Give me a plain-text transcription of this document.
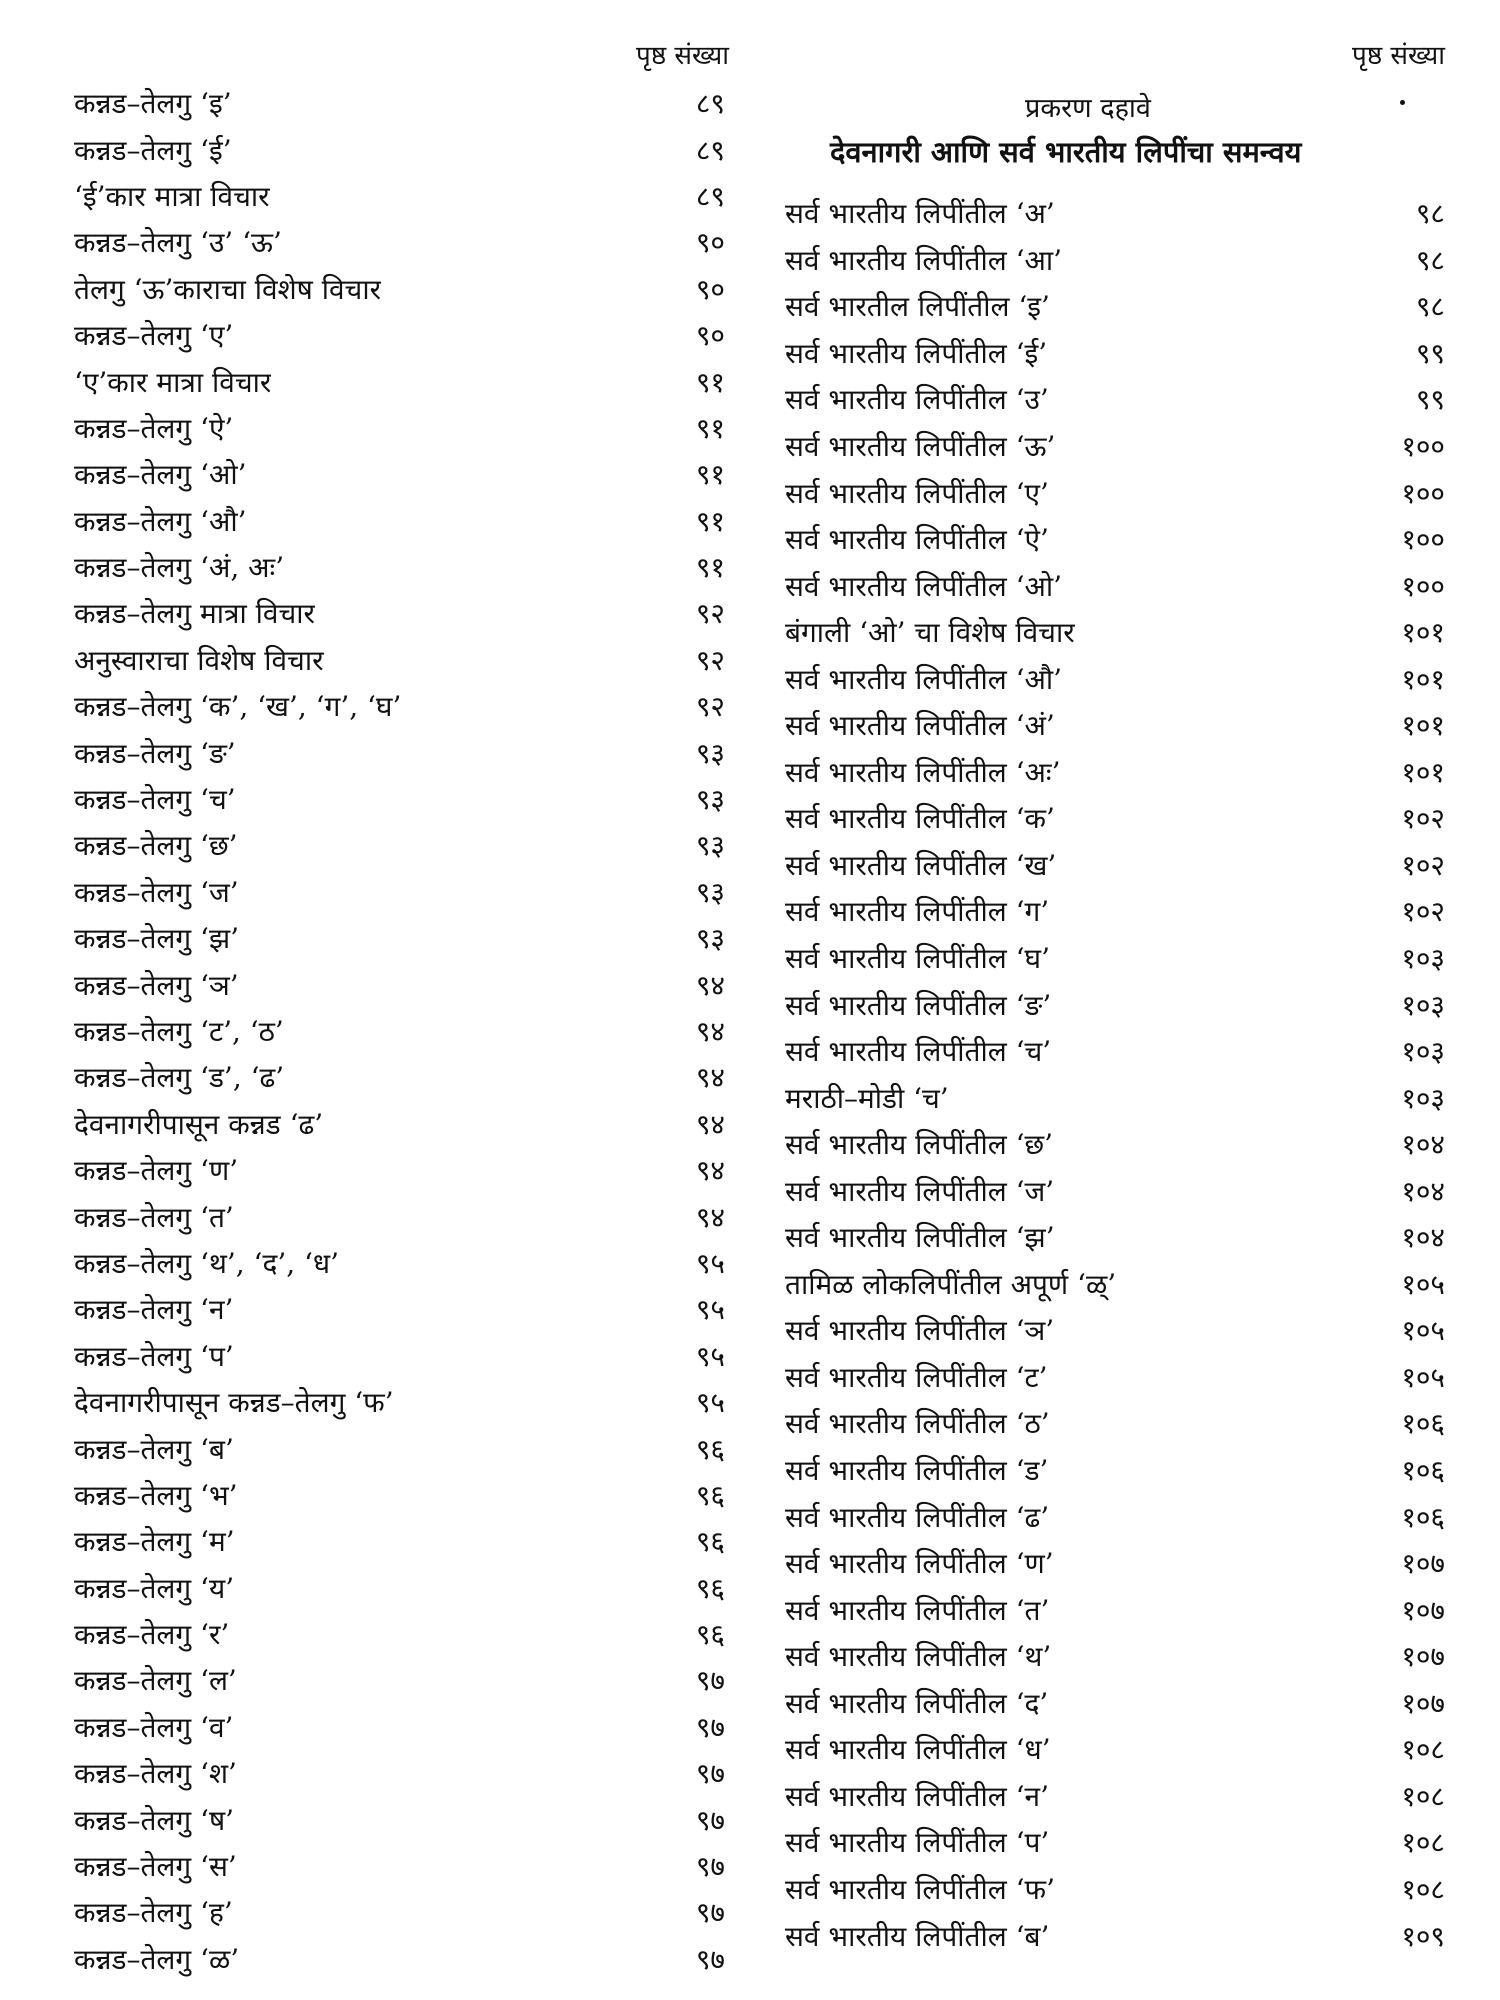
पृष्ठ संख्या
कन्नड–तेलगु ‘इ’	८९
कन्नड–तेलगु ‘ई’	८९
‘ई’कार मात्रा विचार	८९
कन्नड–तेलगु ‘उ’ ‘ऊ’	९०
तेलगु ‘ऊ’काराचा विशेष विचार	९०
कन्नड–तेलगु ‘ए’	९०
‘ए’कार मात्रा विचार	९१
कन्नड–तेलगु ‘ऐ’	९१
कन्नड–तेलगु ‘ओ’	९१
कन्नड–तेलगु ‘औ’	९१
कन्नड–तेलगु ‘अं, अः’	९१
कन्नड–तेलगु मात्रा विचार	९२
अनुस्वाराचा विशेष विचार	९२
कन्नड–तेलगु ‘क’, ‘ख’, ‘ग’, ‘घ’	९२
कन्नड–तेलगु ‘ङ’	९३
कन्नड–तेलगु ‘च’	९३
कन्नड–तेलगु ‘छ’	९३
कन्नड–तेलगु ‘ज’	९३
कन्नड–तेलगु ‘झ’	९३
कन्नड–तेलगु ‘ञ’	९४
कन्नड–तेलगु ‘ट’, ‘ठ’	९४
कन्नड–तेलगु ‘ड’, ‘ढ’	९४
देवनागरीपासून कन्नड ‘ढ’	९४
कन्नड–तेलगु ‘ण’	९४
कन्नड–तेलगु ‘त’	९४
कन्नड–तेलगु ‘थ’, ‘द’, ‘ध’	९५
कन्नड–तेलगु ‘न’	९५
कन्नड–तेलगु ‘प’	९५
देवनागरीपासून कन्नड–तेलगु ‘फ’	९५
कन्नड–तेलगु ‘ब’	९६
कन्नड–तेलगु ‘भ’	९६
कन्नड–तेलगु ‘म’	९६
कन्नड–तेलगु ‘य’	९६
कन्नड–तेलगु ‘र’	९६
कन्नड–तेलगु ‘ल’	९७
कन्नड–तेलगु ‘व’	९७
कन्नड–तेलगु ‘श’	९७
कन्नड–तेलगु ‘ष’	९७
कन्नड–तेलगु ‘स’	९७
कन्नड–तेलगु ‘ह’	९७
कन्नड–तेलगु ‘ळ’	९७
पृष्ठ संख्या
प्रकरण दहावे
देवनागरी आणि सर्व भारतीय लिपींचा समन्वय
सर्व भारतीय लिपींतील ‘अ’	९८
सर्व भारतीय लिपींतील ‘आ’	९८
सर्व भारतील लिपींतील ‘इ’	९८
सर्व भारतीय लिपींतील ‘ई’	९९
सर्व भारतीय लिपींतील ‘उ’	९९
सर्व भारतीय लिपींतील ‘ऊ’	१००
सर्व भारतीय लिपींतील ‘ए’	१००
सर्व भारतीय लिपींतील ‘ऐ’	१००
सर्व भारतीय लिपींतील ‘ओ’	१००
बंगाली ‘ओ’ चा विशेष विचार	१०१
सर्व भारतीय लिपींतील ‘औ’	१०१
सर्व भारतीय लिपींतील ‘अं’	१०१
सर्व भारतीय लिपींतील ‘अः’	१०१
सर्व भारतीय लिपींतील ‘क’	१०२
सर्व भारतीय लिपींतील ‘ख’	१०२
सर्व भारतीय लिपींतील ‘ग’	१०२
सर्व भारतीय लिपींतील ‘घ’	१०३
सर्व भारतीय लिपींतील ‘ङ’	१०३
सर्व भारतीय लिपींतील ‘च’	१०३
मराठी–मोडी ‘च’	१०३
सर्व भारतीय लिपींतील ‘छ’	१०४
सर्व भारतीय लिपींतील ‘ज’	१०४
सर्व भारतीय लिपींतील ‘झ’	१०४
तामिळ लोकलिपींतील अपूर्ण ‘ळ्’	१०५
सर्व भारतीय लिपींतील ‘ञ’	१०५
सर्व भारतीय लिपींतील ‘ट’	१०५
सर्व भारतीय लिपींतील ‘ठ’	१०६
सर्व भारतीय लिपींतील ‘ड’	१०६
सर्व भारतीय लिपींतील ‘ढ’	१०६
सर्व भारतीय लिपींतील ‘ण’	१०७
सर्व भारतीय लिपींतील ‘त’	१०७
सर्व भारतीय लिपींतील ‘थ’	१०७
सर्व भारतीय लिपींतील ‘द’	१०७
सर्व भारतीय लिपींतील ‘ध’	१०८
सर्व भारतीय लिपींतील ‘न’	१०८
सर्व भारतीय लिपींतील ‘प’	१०८
सर्व भारतीय लिपींतील ‘फ’	१०८
सर्व भारतीय लिपींतील ‘ब’	१०९
